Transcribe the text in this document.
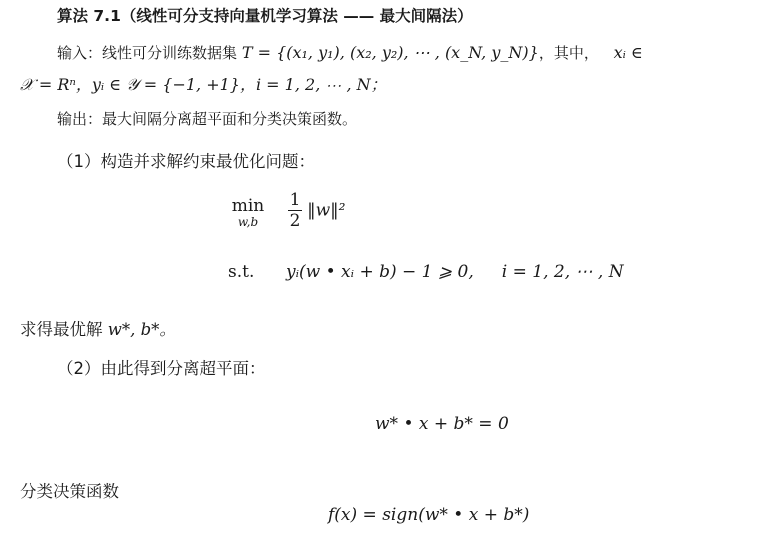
算法 7.1（线性可分支持向量机学习算法 —— 最大间隔法）
输入：线性可分训练数据集 T = {(x₁, y₁), (x₂, y₂), ⋯ , (x_N, y_N)}，其中， xᵢ ∈
𝒳 = Rⁿ，yᵢ ∈ 𝒴 = {−1, +1}，i = 1, 2, ⋯ , N；
输出：最大间隔分离超平面和分类决策函数。
（1）构造并求解约束最优化问题：
min
w,b	$\frac{1}{2}$ ‖w‖²
s.t. yᵢ(w • xᵢ + b) − 1 ⩾ 0, i = 1, 2, ⋯ , N
求得最优解 w*, b*。
（2）由此得到分离超平面：
w* • x + b* = 0
分类决策函数
f(x) = sign(w* • x + b*)
